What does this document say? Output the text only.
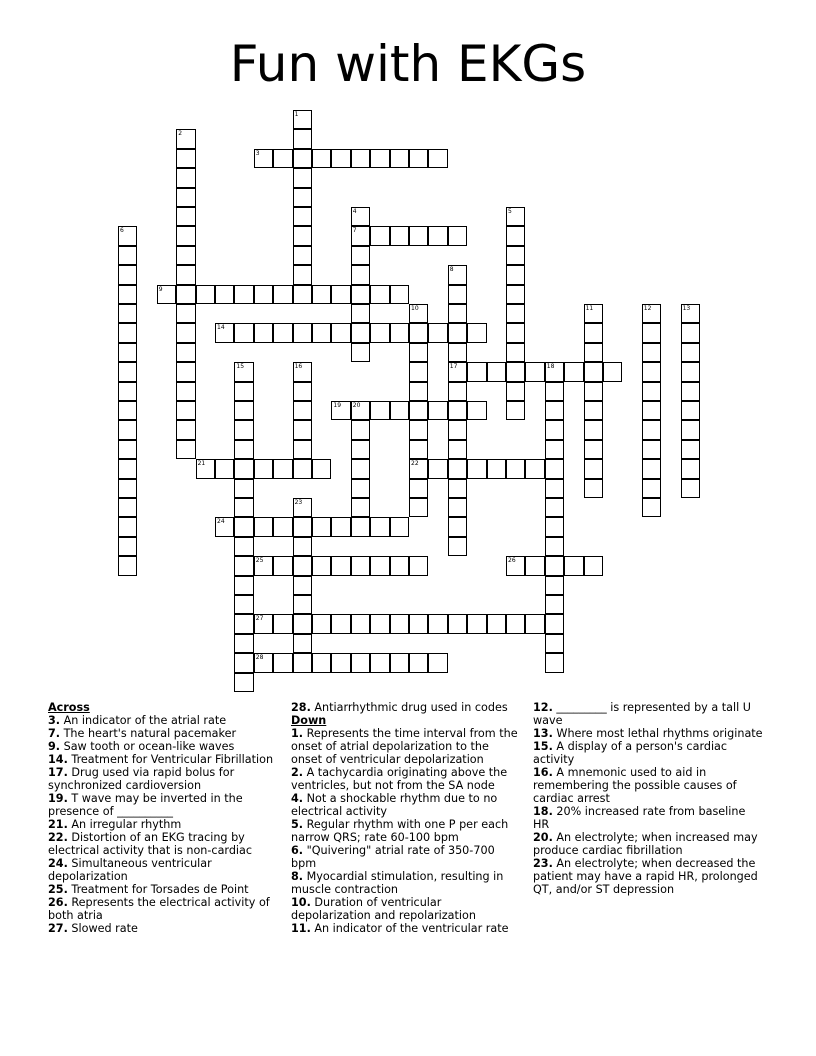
Fun with EKGs
1
2
3
4
7
5
6
8
17
9
10
22
11	12	13
14
15	16	18
19 20
21
23
24
25	26
27
28
Across
3. An indicator of the atrial rate
7. The heart's natural pacemaker
9. Saw tooth or ocean-like waves
14. Treatment for Ventricular Fibrillation
17. Drug used via rapid bolus for synchronized cardioversion
19. T wave may be inverted in the presence of __________
21. An irregular rhythm
22. Distortion of an EKG tracing by electrical activity that is non-cardiac
24. Simultaneous ventricular depolarization
25. Treatment for Torsades de Point
26. Represents the electrical activity of both atria
27. Slowed rate
28. Antiarrhythmic drug used in codes
Down
1. Represents the time interval from the onset of atrial depolarization to the onset of ventricular depolarization
2. A tachycardia originating above the ventricles, but not from the SA node
4. Not a shockable rhythm due to no electrical activity
5. Regular rhythm with one P per each narrow QRS; rate 60-100 bpm
6. "Quivering" atrial rate of 350-700 bpm
8. Myocardial stimulation, resulting in muscle contraction
10. Duration of ventricular depolarization and repolarization
11. An indicator of the ventricular rate
12. _________ is represented by a tall U wave
13. Where most lethal rhythms originate
15. A display of a person's cardiac activity
16. A mnemonic used to aid in remembering the possible causes of cardiac arrest
18. 20% increased rate from baseline HR
20. An electrolyte; when increased may produce cardiac fibrillation
23. An electrolyte; when decreased the patient may have a rapid HR, prolonged QT, and/or ST depression
